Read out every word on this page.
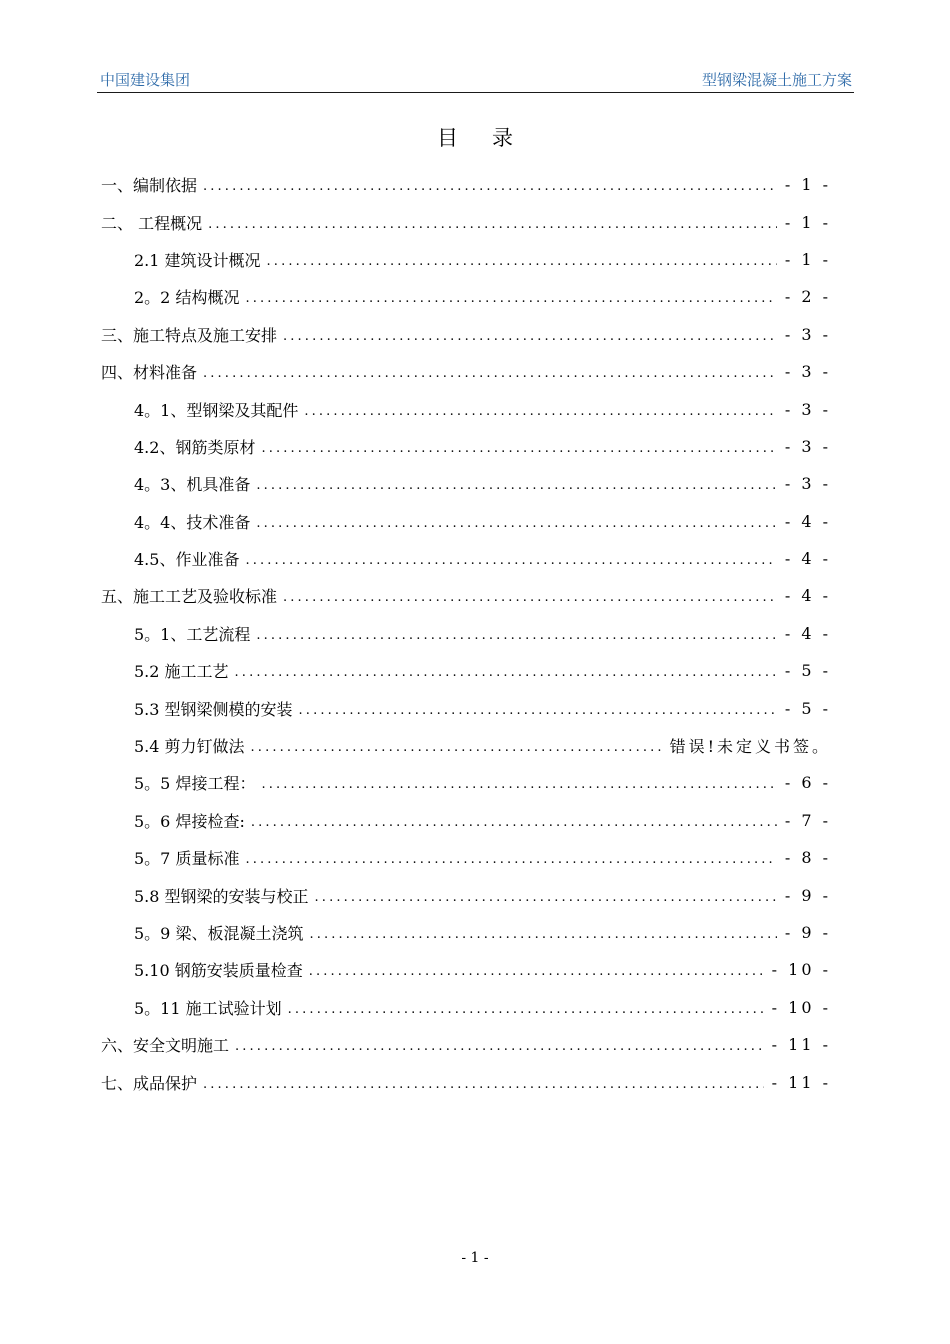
中国建设集团	型钢梁混凝土施工方案
目录
一、编制依据 . . .	- 1 -
二、 工程概况 . . .	- 1 -
2.1 建筑设计概况 . . .	- 1 -
2。2 结构概况 . . .	- 2 -
三、施工特点及施工安排 . . .	- 3 -
四、材料准备 . . .	- 3 -
4。1、型钢梁及其配件 . . .	- 3 -
4.2、钢筋类原材 . . .	- 3 -
4。3、机具准备 . . .	- 3 -
4。4、技术准备 . . .	- 4 -
4.5、作业准备 . . .	- 4 -
五、施工工艺及验收标准 . . .	- 4 -
5。1、工艺流程 . . .	- 4 -
5.2 施工工艺 . . .	- 5 -
5.3 型钢梁侧模的安装 . . .	- 5 -
5.4 剪力钉做法 . . .	错误!未定义书签。
5。5 焊接工程： . . .	- 6 -
5。6 焊接检查: . . .	- 7 -
5。7 质量标准 . . .	- 8 -
5.8 型钢梁的安装与校正 . . .	- 9 -
5。9 梁、板混凝土浇筑 . . .	- 9 -
5.10 钢筋安装质量检查 . . .	- 10 -
5。11 施工试验计划 . . .	- 10 -
六、安全文明施工 . . .	- 11 -
七、成品保护 . . .	- 11 -
- 1 -
